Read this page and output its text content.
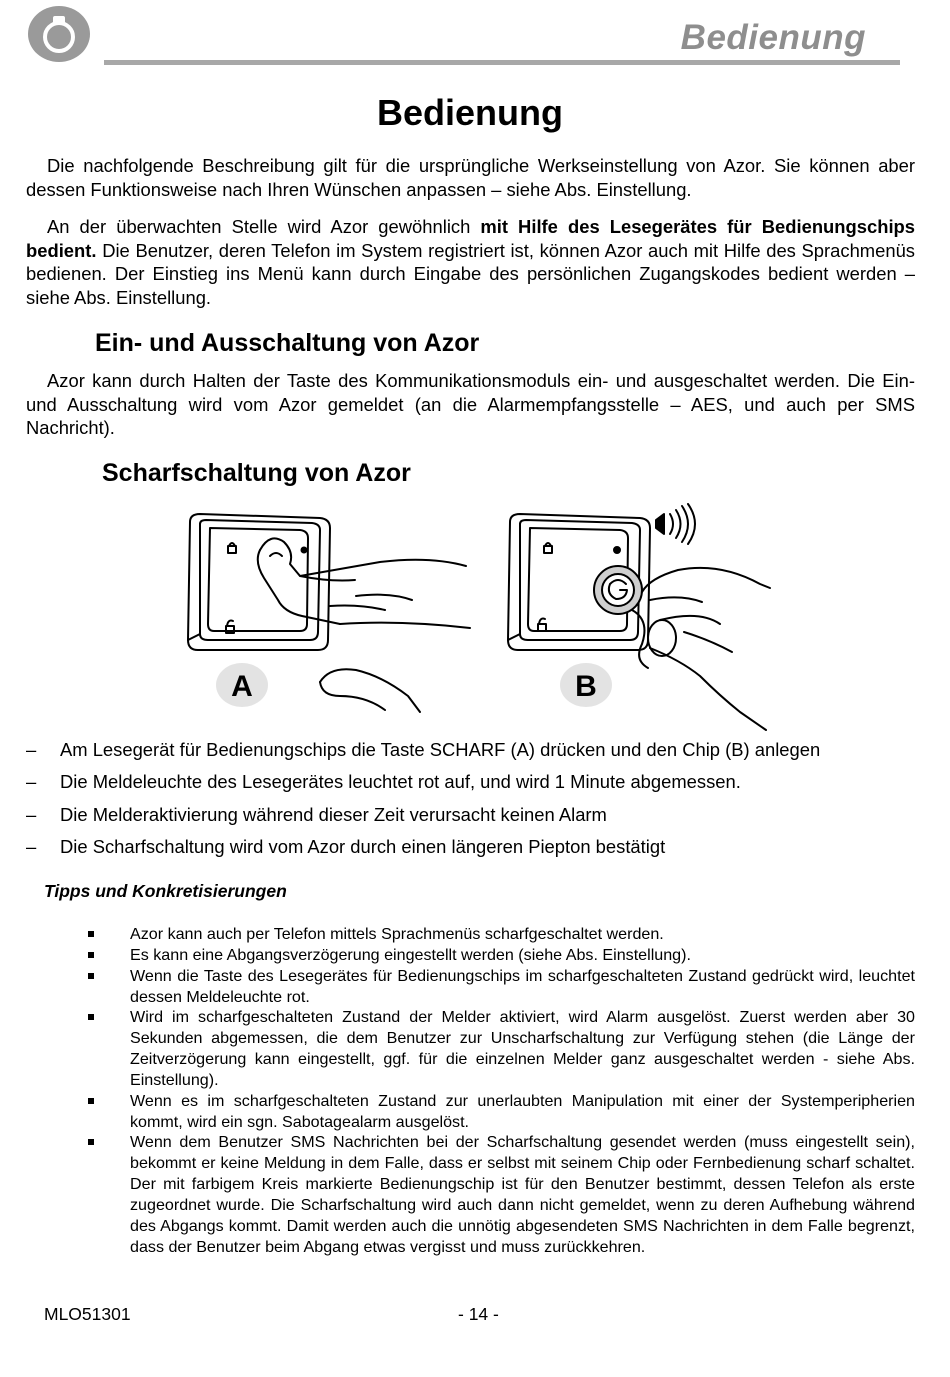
Bedienung
Bedienung

Die nachfolgende Beschreibung gilt für die ursprüngliche Werkseinstellung von Azor. Sie können aber dessen Funktionsweise nach Ihren Wünschen anpassen – siehe Abs. Einstellung.

An der überwachten Stelle wird Azor gewöhnlich mit Hilfe des Lesegerätes für Bedienungschips bedient. Die Benutzer, deren Telefon im System registriert ist, können Azor auch mit Hilfe des Sprachmenüs bedienen. Der Einstieg ins Menü kann durch Eingabe des persönlichen Zugangskodes bedient werden – siehe Abs. Einstellung.

Ein- und Ausschaltung von Azor

Azor kann durch Halten der Taste des Kommunikationsmoduls ein- und ausgeschaltet werden. Die Ein- und Ausschaltung wird vom Azor gemeldet (an die Alarmempfangsstelle – AES, und auch per SMS Nachricht).

Scharfschaltung von Azor
A	B
– Am Lesegerät für Bedienungschips die Taste SCHARF (A) drücken und den Chip (B) anlegen
– Die Meldeleuchte des Lesegerätes leuchtet rot auf, und wird 1 Minute abgemessen.
– Die Melderaktivierung während dieser Zeit verursacht keinen Alarm
– Die Scharfschaltung wird vom Azor durch einen längeren Piepton bestätigt
Tipps und Konkretisierungen
Azor kann auch per Telefon mittels Sprachmenüs scharfgeschaltet werden.
Es kann eine Abgangsverzögerung eingestellt werden (siehe Abs. Einstellung).
Wenn die Taste des Lesegerätes für Bedienungschips im scharfgeschalteten Zustand gedrückt wird, leuchtet dessen Meldeleuchte rot.
Wird im scharfgeschalteten Zustand der Melder aktiviert, wird Alarm ausgelöst. Zuerst werden aber 30 Sekunden abgemessen, die dem Benutzer zur Unscharfschaltung zur Verfügung stehen (die Länge der Zeitverzögerung kann eingestellt, ggf. für die einzelnen Melder ganz ausgeschaltet werden - siehe Abs. Einstellung).
Wenn es im scharfgeschalteten Zustand zur unerlaubten Manipulation mit einer der Systemperipherien kommt, wird ein sgn. Sabotagealarm ausgelöst.
Wenn dem Benutzer SMS Nachrichten bei der Scharfschaltung gesendet werden (muss eingestellt sein), bekommt er keine Meldung in dem Falle, dass er selbst mit seinem Chip oder Fernbedienung scharf schaltet. Der mit farbigem Kreis markierte Bedienungschip ist für den Benutzer bestimmt, dessen Telefon als erste zugeordnet wurde. Die Scharfschaltung wird auch dann nicht gemeldet, wenn zu deren Aufhebung während des Abgangs kommt. Damit werden auch die unnötig abgesendeten SMS Nachrichten in dem Falle begrenzt, dass der Benutzer beim Abgang etwas vergisst und muss zurückkehren.
MLO51301	- 14 -
